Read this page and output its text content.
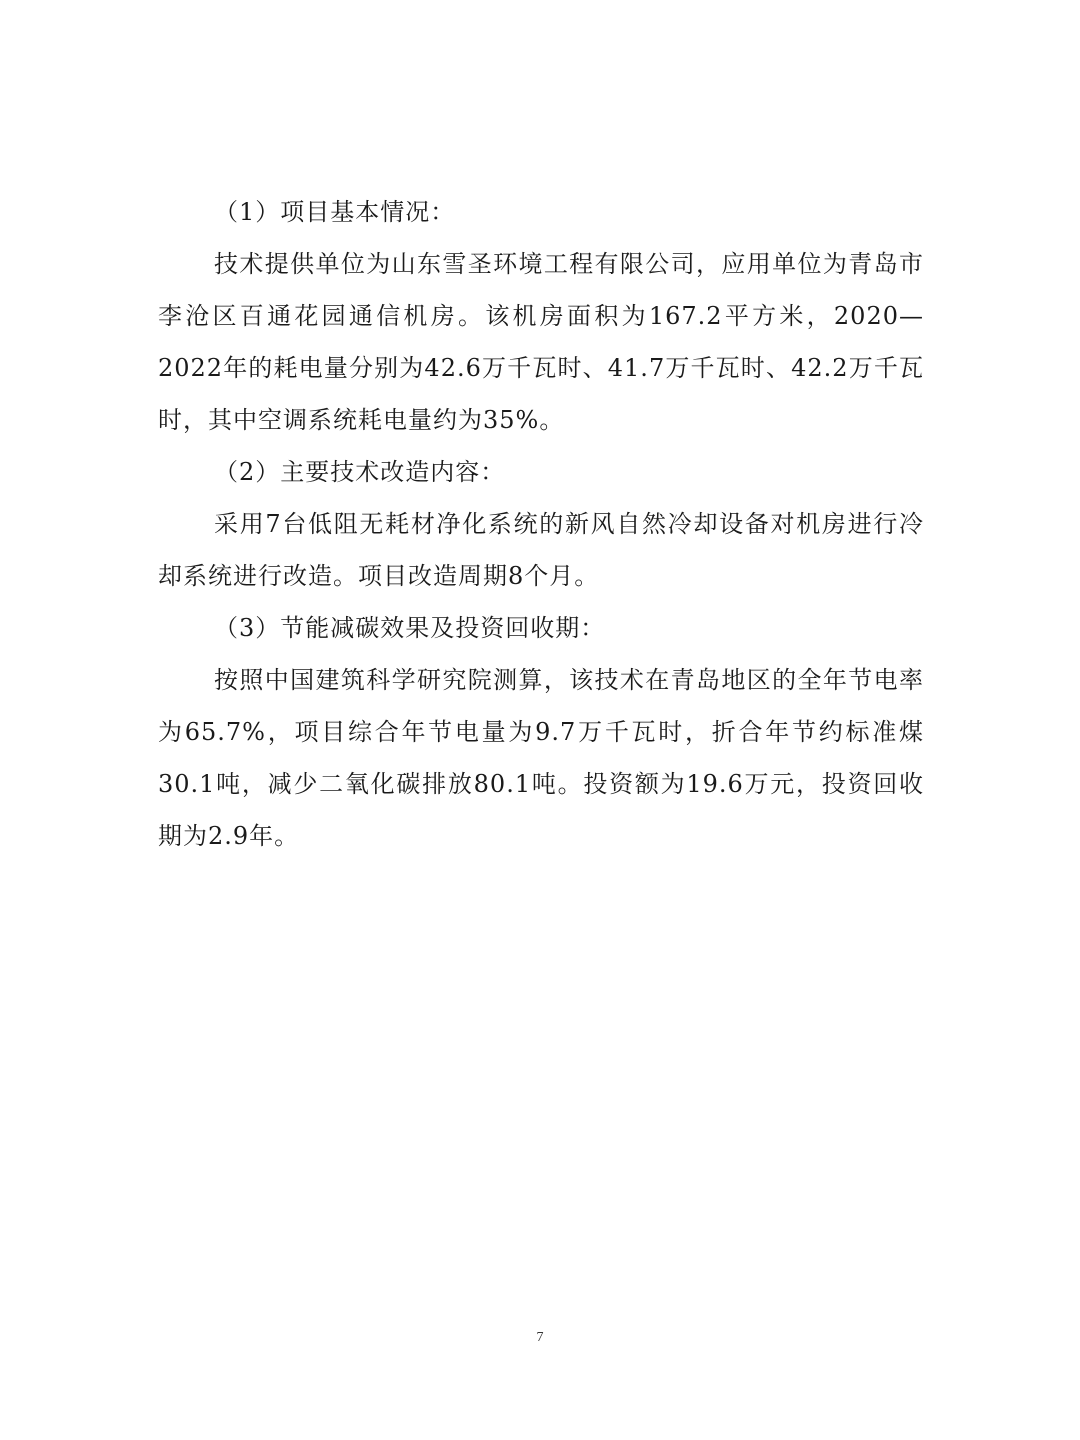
（1）项目基本情况：

技术提供单位为山东雪圣环境工程有限公司，应用单位为青岛市李沧区百通花园通信机房。该机房面积为167.2平方米，2020—2022年的耗电量分别为42.6万千瓦时、41.7万千瓦时、42.2万千瓦时，其中空调系统耗电量约为35%。

（2）主要技术改造内容：

采用7台低阻无耗材净化系统的新风自然冷却设备对机房进行冷却系统进行改造。项目改造周期8个月。

（3）节能减碳效果及投资回收期：

按照中国建筑科学研究院测算，该技术在青岛地区的全年节电率为65.7%，项目综合年节电量为9.7万千瓦时，折合年节约标准煤30.1吨，减少二氧化碳排放80.1吨。投资额为19.6万元，投资回收期为2.9年。

7
